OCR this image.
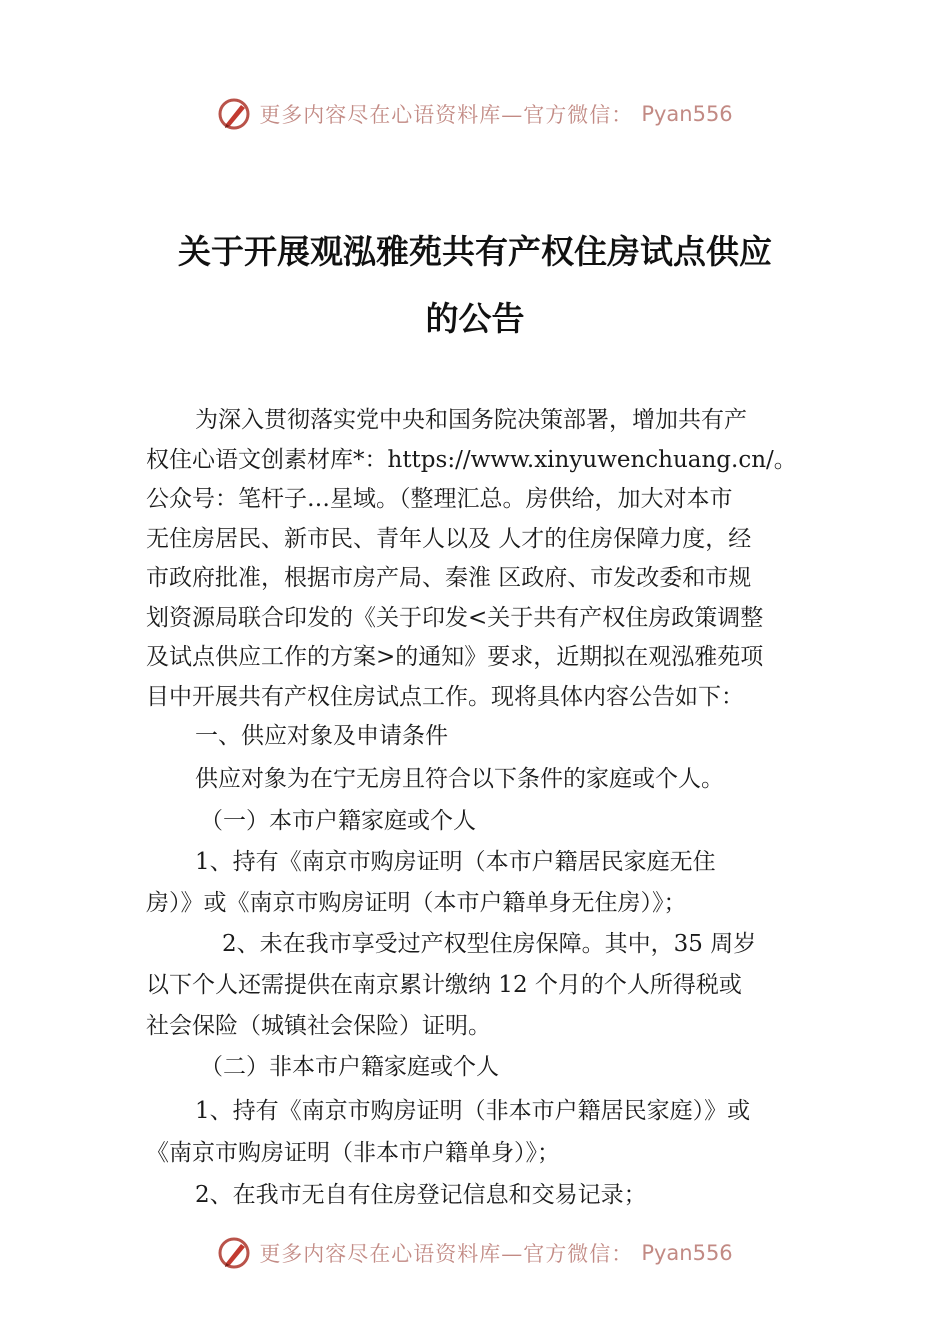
更多内容尽在心语资料库—官方微信： Pyan556
关于开展观泓雅苑共有产权住房试点供应
的公告

为深入贯彻落实党中央和国务院决策部署，增加共有产

权住心语文创素材库*：https://www.xinyuwenchuang.cn/。

公众号：笔杆子…星域。（整理汇总。房供给，加大对本市

无住房居民、新市民、青年人以及 人才的住房保障力度，经

市政府批准，根据市房产局、秦淮 区政府、市发改委和市规

划资源局联合印发的《关于印发<关于共有产权住房政策调整

及试点供应工作的方案>的通知》要求，近期拟在观泓雅苑项

目中开展共有产权住房试点工作。现将具体内容公告如下：

一、供应对象及申请条件

供应对象为在宁无房且符合以下条件的家庭或个人。

（一）本市户籍家庭或个人

1、持有《南京市购房证明（本市户籍居民家庭无住

房）》或《南京市购房证明（本市户籍单身无住房）》；

2、未在我市享受过产权型住房保障。其中，35 周岁

以下个人还需提供在南京累计缴纳 12 个月的个人所得税或

社会保险（城镇社会保险）证明。

（二）非本市户籍家庭或个人

1、持有《南京市购房证明（非本市户籍居民家庭）》或

《南京市购房证明（非本市户籍单身）》；

2、在我市无自有住房登记信息和交易记录；

更多内容尽在心语资料库—官方微信： Pyan556
